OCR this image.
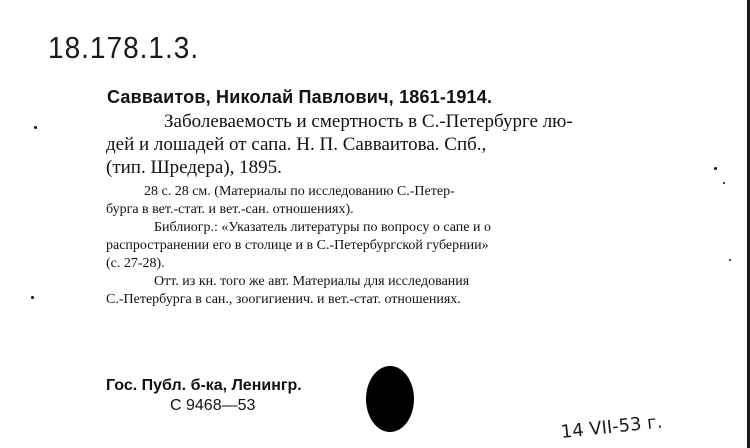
18.178.1.3.
Савваитов, Николай Павлович, 1861-1914.
Заболеваемость и смертность в С.-Петербурге лю-
дей и лошадей от сапа. Н. П. Савваитова. Спб.,
(тип. Шредера), 1895.
28 с. 28 см. (Материалы по исследованию С.-Петер-
бурга в вет.-стат. и вет.-сан. отношениях).
Библиогр.: «Указатель литературы по вопросу о сапе и о
распространении его в столице и в С.-Петербургской губернии»
(с. 27-28).
Отт. из кн. того же авт. Материалы для исследования
С.-Петербурга в сан., зоогигиенич. и вет.-стат. отношениях.
Гос. Публ. б-ка, Ленингр.
С 9468—53
14 VII-53 г.
